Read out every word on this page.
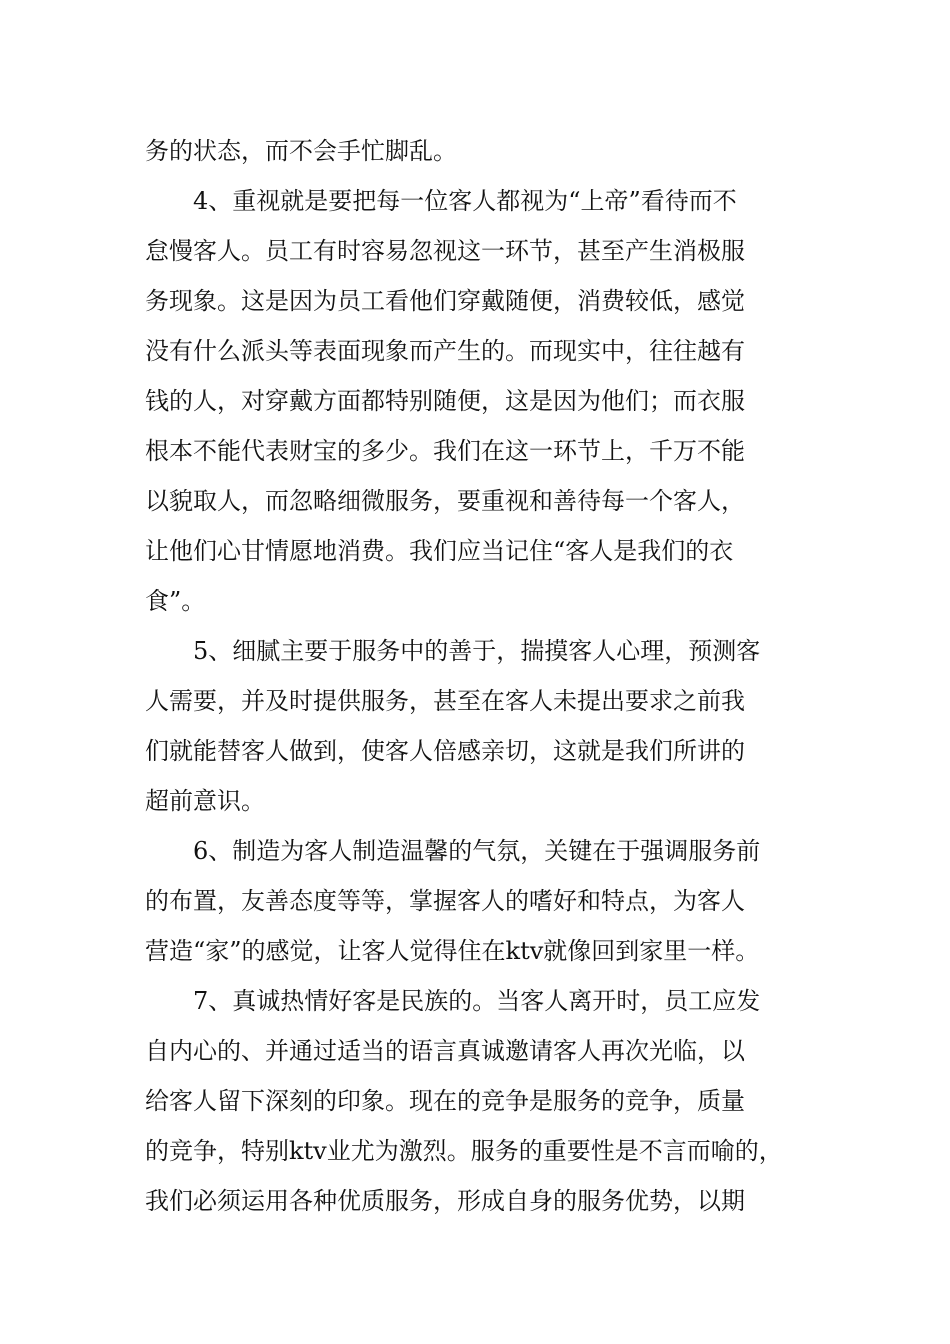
务的状态，而不会手忙脚乱。
4、重视就是要把每一位客人都视为“上帝”看待而不
怠慢客人。员工有时容易忽视这一环节，甚至产生消极服
务现象。这是因为员工看他们穿戴随便，消费较低，感觉
没有什么派头等表面现象而产生的。而现实中，往往越有
钱的人，对穿戴方面都特别随便，这是因为他们；而衣服
根本不能代表财宝的多少。我们在这一环节上，千万不能
以貌取人，而忽略细微服务，要重视和善待每一个客人，
让他们心甘情愿地消费。我们应当记住“客人是我们的衣
食”。
5、细腻主要于服务中的善于，揣摸客人心理，预测客
人需要，并及时提供服务，甚至在客人未提出要求之前我
们就能替客人做到，使客人倍感亲切，这就是我们所讲的
超前意识。
6、制造为客人制造温馨的气氛，关键在于强调服务前
的布置，友善态度等等，掌握客人的嗜好和特点，为客人
营造“家”的感觉，让客人觉得住在ktv就像回到家里一样。
7、真诚热情好客是民族的。当客人离开时，员工应发
自内心的、并通过适当的语言真诚邀请客人再次光临，以
给客人留下深刻的印象。现在的竞争是服务的竞争，质量
的竞争，特别ktv业尤为激烈。服务的重要性是不言而喻的，
我们必须运用各种优质服务，形成自身的服务优势，以期
